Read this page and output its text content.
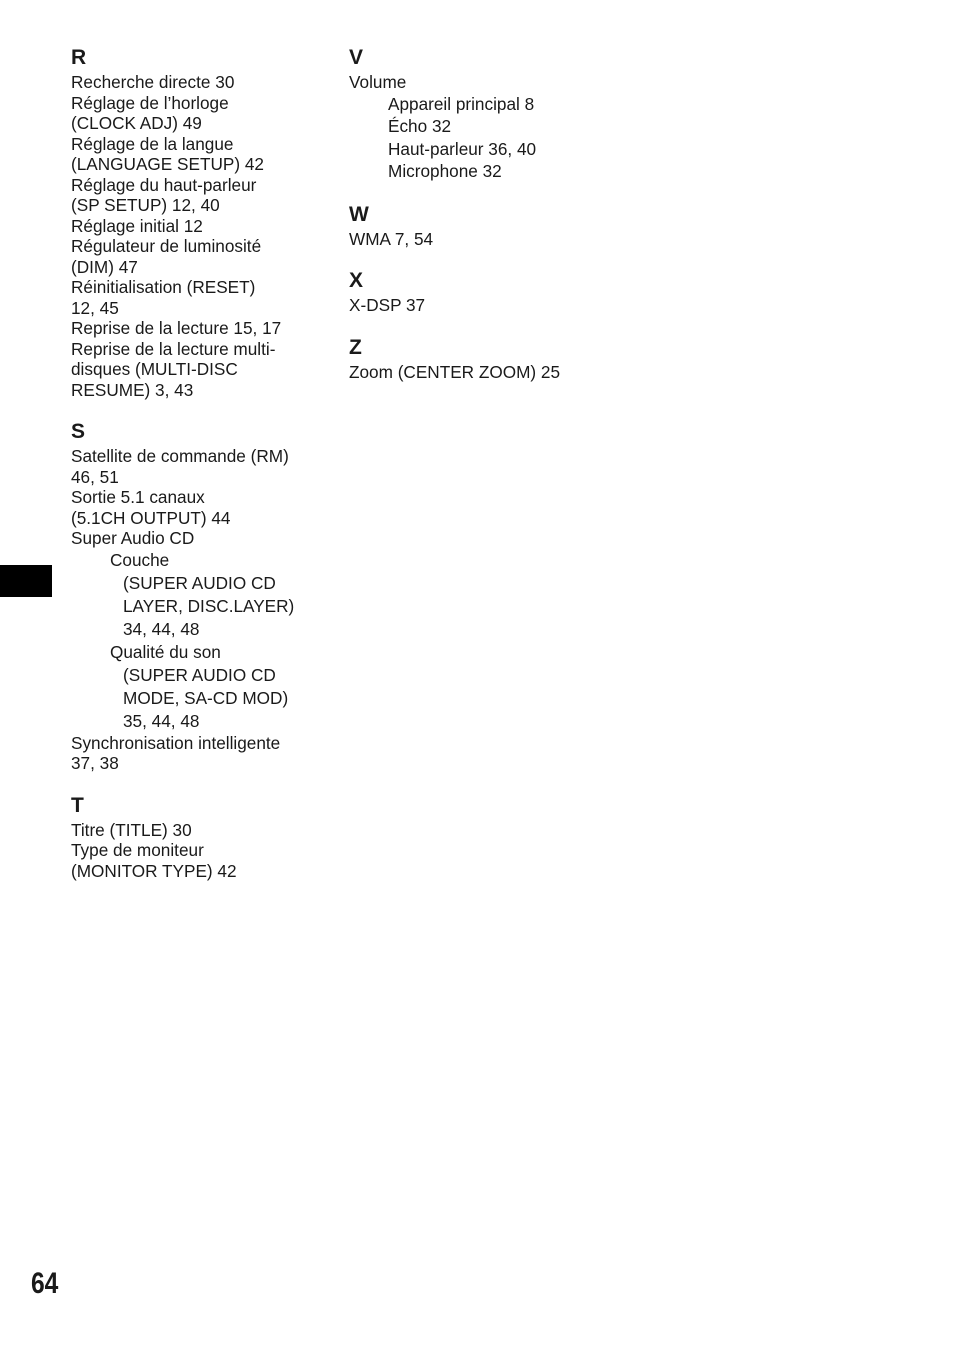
R
Recherche directe 30
Réglage de l’horloge
(CLOCK ADJ) 49
Réglage de la langue
(LANGUAGE SETUP) 42
Réglage du haut-parleur
(SP SETUP) 12, 40
Réglage initial 12
Régulateur de luminosité
(DIM) 47
Réinitialisation (RESET)
12, 45
Reprise de la lecture 15, 17
Reprise de la lecture multi-
disques (MULTI-DISC
RESUME) 3, 43
S
Satellite de commande (RM)
46, 51
Sortie 5.1 canaux
(5.1CH OUTPUT) 44
Super Audio CD
Couche
(SUPER AUDIO CD
LAYER, DISC.LAYER)
34, 44, 48
Qualité du son
(SUPER AUDIO CD
MODE, SA-CD MOD)
35, 44, 48
Synchronisation intelligente
37, 38
T
Titre (TITLE) 30
Type de moniteur
(MONITOR TYPE) 42
V
Volume
Appareil principal 8
Écho 32
Haut-parleur 36, 40
Microphone 32
W
WMA 7, 54
X
X-DSP 37
Z
Zoom (CENTER ZOOM) 25
64
